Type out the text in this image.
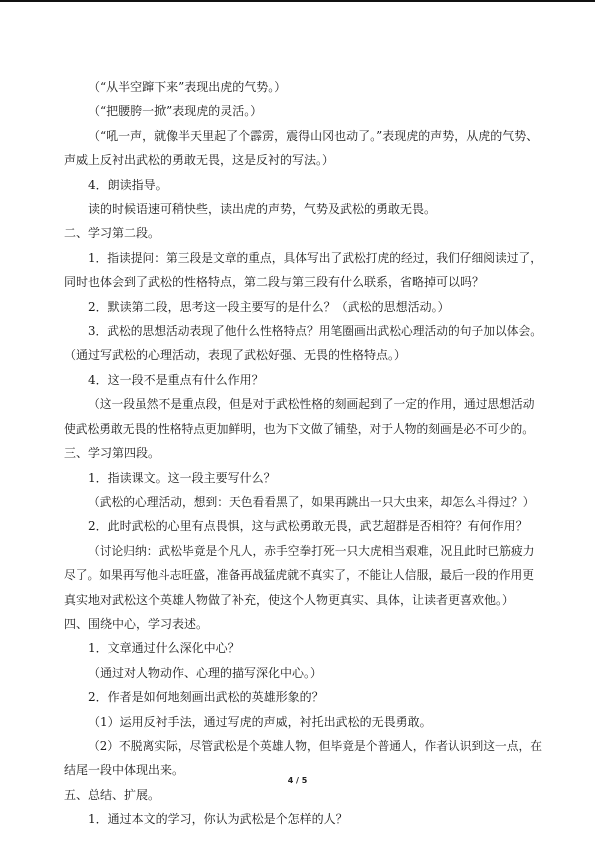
（“从半空蹿下来”表现出虎的气势。）

（“把腰胯一掀”表现虎的灵活。）

（“吼一声，就像半天里起了个霹雳，震得山冈也动了。”表现虎的声势，从虎的气势、

声威上反衬出武松的勇敢无畏，这是反衬的写法。）

4．朗读指导。

读的时候语速可稍快些，读出虎的声势，气势及武松的勇敢无畏。

二、学习第二段。

1．指读提问：第三段是文章的重点，具体写出了武松打虎的经过，我们仔细阅读过了，

同时也体会到了武松的性格特点，第二段与第三段有什么联系，省略掉可以吗？

2．默读第二段，思考这一段主要写的是什么？（武松的思想活动。）

3．武松的思想活动表现了他什么性格特点？用笔圈画出武松心理活动的句子加以体会。

（通过写武松的心理活动，表现了武松好强、无畏的性格特点。）

4．这一段不是重点有什么作用？

（这一段虽然不是重点段，但是对于武松性格的刻画起到了一定的作用，通过思想活动

使武松勇敢无畏的性格特点更加鲜明，也为下文做了铺垫，对于人物的刻画是必不可少的。

三、学习第四段。

1．指读课文。这一段主要写什么？

（武松的心理活动，想到：天色看看黑了，如果再跳出一只大虫来，却怎么斗得过？）

2．此时武松的心里有点畏惧，这与武松勇敢无畏，武艺超群是否相符？有何作用？

（讨论归纳：武松毕竟是个凡人，赤手空拳打死一只大虎相当艰难，况且此时已筋疲力

尽了。如果再写他斗志旺盛，准备再战猛虎就不真实了，不能让人信服，最后一段的作用更

真实地对武松这个英雄人物做了补充，使这个人物更真实、具体，让读者更喜欢他。）

四、围绕中心，学习表述。

1．文章通过什么深化中心？

（通过对人物动作、心理的描写深化中心。）

2．作者是如何地刻画出武松的英雄形象的？

（1）运用反衬手法，通过写虎的声威，衬托出武松的无畏勇敢。

（2）不脱离实际，尽管武松是个英雄人物，但毕竟是个普通人，作者认识到这一点，在

结尾一段中体现出来。

五、总结、扩展。

1．通过本文的学习，你认为武松是个怎样的人？

4 / 5
